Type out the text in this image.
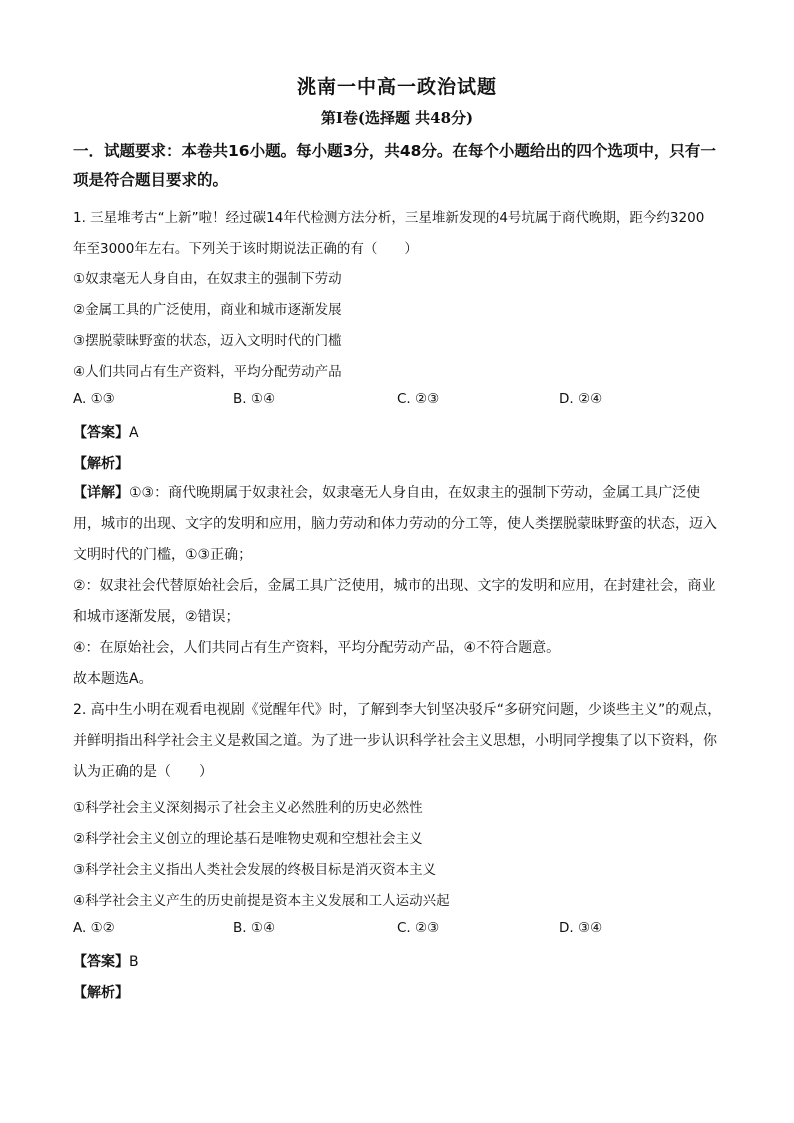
洮南一中高一政治试题
第Ⅰ卷(选择题 共48分)
一．试题要求：本卷共16小题。每小题3分，共48分。在每个小题给出的四个选项中，只有一项是符合题目要求的。
1. 三星堆考古“上新”啦！经过碳14年代检测方法分析，三星堆新发现的4号坑属于商代晚期，距今约3200
年至3000年左右。下列关于该时期说法正确的有（　　）
①奴隶毫无人身自由，在奴隶主的强制下劳动
②金属工具的广泛使用，商业和城市逐渐发展
③摆脱蒙昧野蛮的状态，迈入文明时代的门槛
④人们共同占有生产资料，平均分配劳动产品
A. ①③	B. ①④	C. ②③	D. ②④
【答案】A
【解析】
【详解】①③：商代晚期属于奴隶社会，奴隶毫无人身自由，在奴隶主的强制下劳动，金属工具广泛使用，城市的出现、文字的发明和应用，脑力劳动和体力劳动的分工等，使人类摆脱蒙昧野蛮的状态，迈入文明时代的门槛，①③正确；
②：奴隶社会代替原始社会后，金属工具广泛使用，城市的出现、文字的发明和应用，在封建社会，商业和城市逐渐发展，②错误；
④：在原始社会，人们共同占有生产资料，平均分配劳动产品，④不符合题意。
故本题选A。
2. 高中生小明在观看电视剧《觉醒年代》时，了解到李大钊坚决驳斥“多研究问题，少谈些主义”的观点，并鲜明指出科学社会主义是救国之道。为了进一步认识科学社会主义思想，小明同学搜集了以下资料，你认为正确的是（　　）
①科学社会主义深刻揭示了社会主义必然胜利的历史必然性
②科学社会主义创立的理论基石是唯物史观和空想社会主义
③科学社会主义指出人类社会发展的终极目标是消灭资本主义
④科学社会主义产生的历史前提是资本主义发展和工人运动兴起
A. ①②	B. ①④	C. ②③	D. ③④
【答案】B
【解析】
